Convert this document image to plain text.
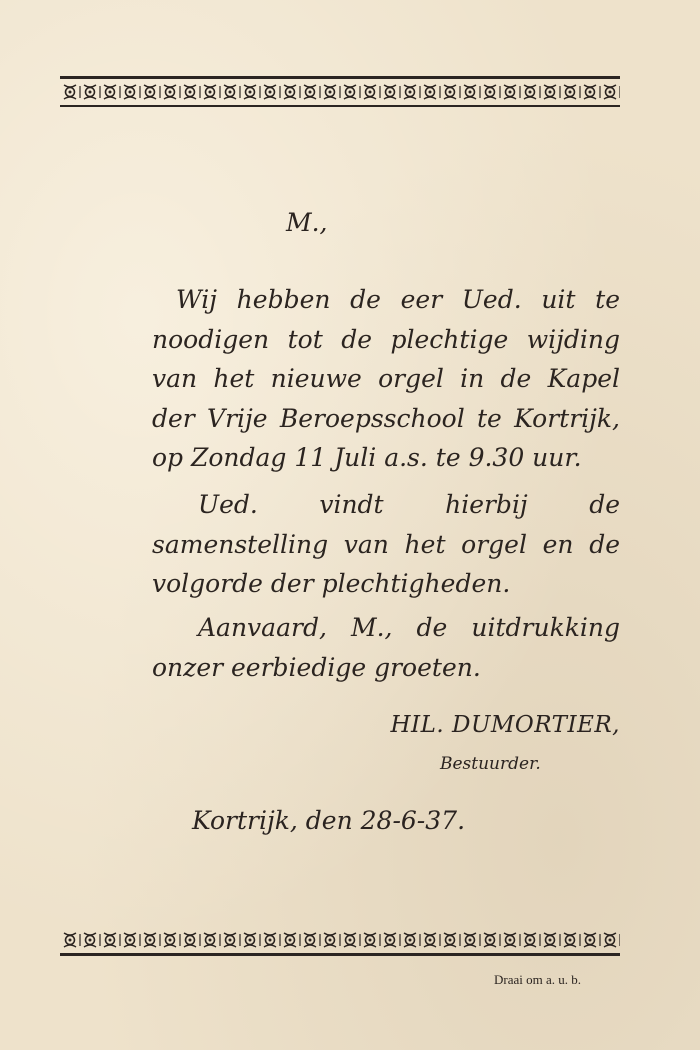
M.,
Wij hebben de eer Ued. uit te noodigen tot de plechtige wijding van het nieuwe orgel in de Kapel der Vrije Beroepsschool te Kortrijk, op Zondag 11 Juli a.s. te 9.30 uur.
Ued. vindt hierbij de samenstelling van het orgel en de volgorde der plechtigheden.
Aanvaard, M., de uitdrukking onzer eerbiedige groeten.
HIL. DUMORTIER,
Bestuurder.
Kortrijk, den 28-6-37.
Draai om a. u. b.
